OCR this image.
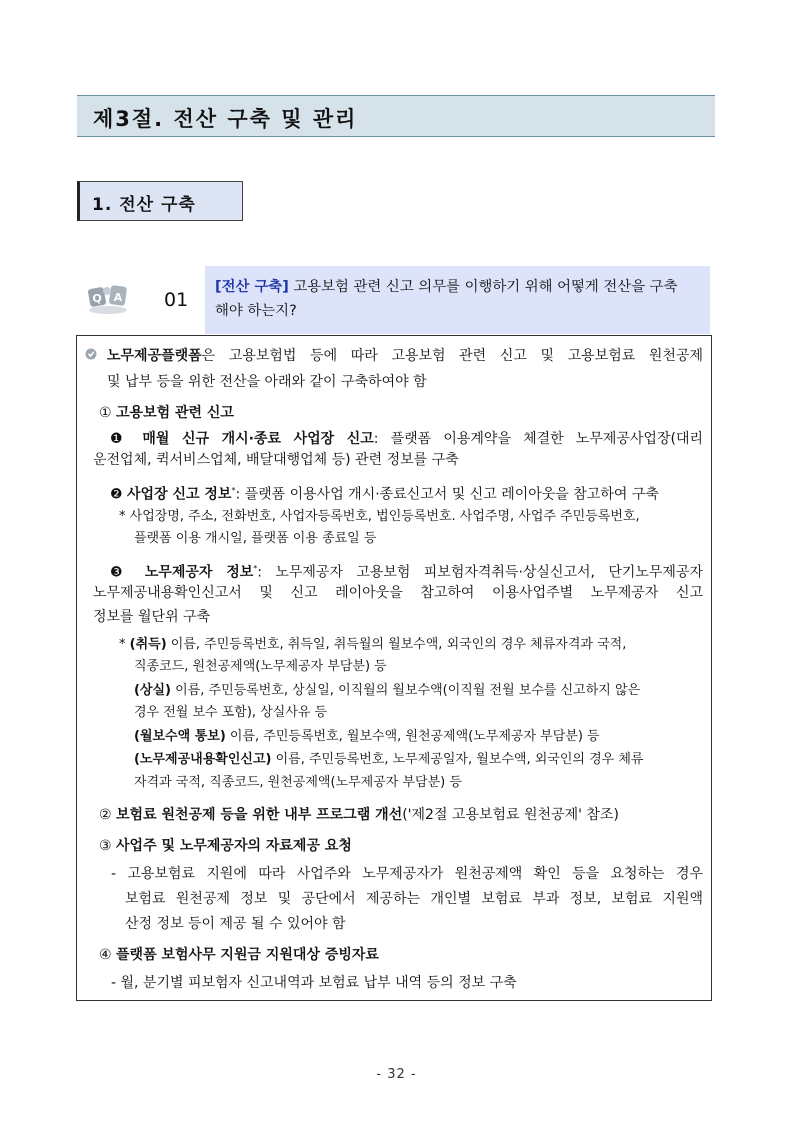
제3절. 전산 구축 및 관리
1. 전산 구축
Q A 01
[전산 구축] 고용보험 관련 신고 의무를 이행하기 위해 어떻게 전산을 구축
해야 하는지?
노무제공플랫폼은 고용보험법 등에 따라 고용보험 관련 신고 및 고용보험료 원천공제
및 납부 등을 위한 전산을 아래와 같이 구축하여야 함
① 고용보험 관련 신고
❶ 매월 신규 개시·종료 사업장 신고: 플랫폼 이용계약을 체결한 노무제공사업장(대리
운전업체, 퀵서비스업체, 배달대행업체 등) 관련 정보를 구축
❷ 사업장 신고 정보*: 플랫폼 이용사업 개시·종료신고서 및 신고 레이아웃을 참고하여 구축
* 사업장명, 주소, 전화번호, 사업자등록번호, 법인등록번호. 사업주명, 사업주 주민등록번호,
플랫폼 이용 개시일, 플랫폼 이용 종료일 등
❸ 노무제공자 정보*: 노무제공자 고용보험 피보험자격취득·상실신고서, 단기노무제공자
노무제공내용확인신고서 및 신고 레이아웃을 참고하여 이용사업주별 노무제공자 신고
정보를 월단위 구축
* (취득) 이름, 주민등록번호, 취득일, 취득월의 월보수액, 외국인의 경우 체류자격과 국적,
직종코드, 원천공제액(노무제공자 부담분) 등
(상실) 이름, 주민등록번호, 상실일, 이직월의 월보수액(이직월 전월 보수를 신고하지 않은
경우 전월 보수 포함), 상실사유 등
(월보수액 통보) 이름, 주민등록번호, 월보수액, 원천공제액(노무제공자 부담분) 등
(노무제공내용확인신고) 이름, 주민등록번호, 노무제공일자, 월보수액, 외국인의 경우 체류
자격과 국적, 직종코드, 원천공제액(노무제공자 부담분) 등
② 보험료 원천공제 등을 위한 내부 프로그램 개선('제2절 고용보험료 원천공제' 참조)
③ 사업주 및 노무제공자의 자료제공 요청
- 고용보험료 지원에 따라 사업주와 노무제공자가 원천공제액 확인 등을 요청하는 경우
보험료 원천공제 정보 및 공단에서 제공하는 개인별 보험료 부과 정보, 보험료 지원액
산정 정보 등이 제공 될 수 있어야 함
④ 플랫폼 보험사무 지원금 지원대상 증빙자료
- 월, 분기별 피보험자 신고내역과 보험료 납부 내역 등의 정보 구축
- 32 -
